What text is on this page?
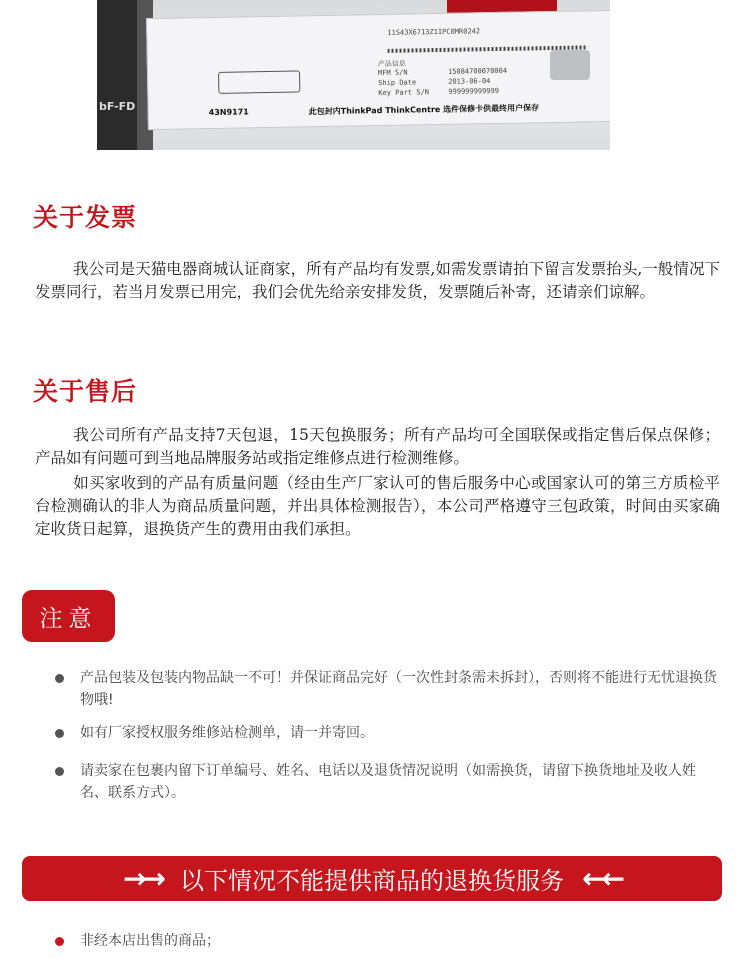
bF-FD
11S43X6713Z1IPC0MR0242
产品信息
MFM S/N	15084700070004
Ship Date	2013-06-04
Key Part S/N	999999999999
43N9171	此包封内ThinkPad ThinkCentre 选件保修卡供最终用户保存
关于发票

我公司是天猫电器商城认证商家，所有产品均有发票,如需发票请拍下留言发票抬头,一般情况下发票同行，若当月发票已用完，我们会优先给亲安排发货，发票随后补寄，还请亲们谅解。

关于售后

我公司所有产品支持7天包退，15天包换服务；所有产品均可全国联保或指定售后保点保修；产品如有问题可到当地品牌服务站或指定维修点进行检测维修。

如买家收到的产品有质量问题（经由生产厂家认可的售后服务中心或国家认可的第三方质检平台检测确认的非人为商品质量问题，并出具体检测报告），本公司严格遵守三包政策，时间由买家确定收货日起算，退换货产生的费用由我们承担。

注意
产品包装及包装内物品缺一不可！并保证商品完好（一次性封条需未拆封），否则将不能进行无忧退换货物哦!
如有厂家授权服务维修站检测单，请一并寄回。
请卖家在包裹内留下订单编号、姓名、电话以及退货情况说明（如需换货，请留下换货地址及收人姓名、联系方式）。
→→ 以下情况不能提供商品的退换货服务 ←←
非经本店出售的商品；
